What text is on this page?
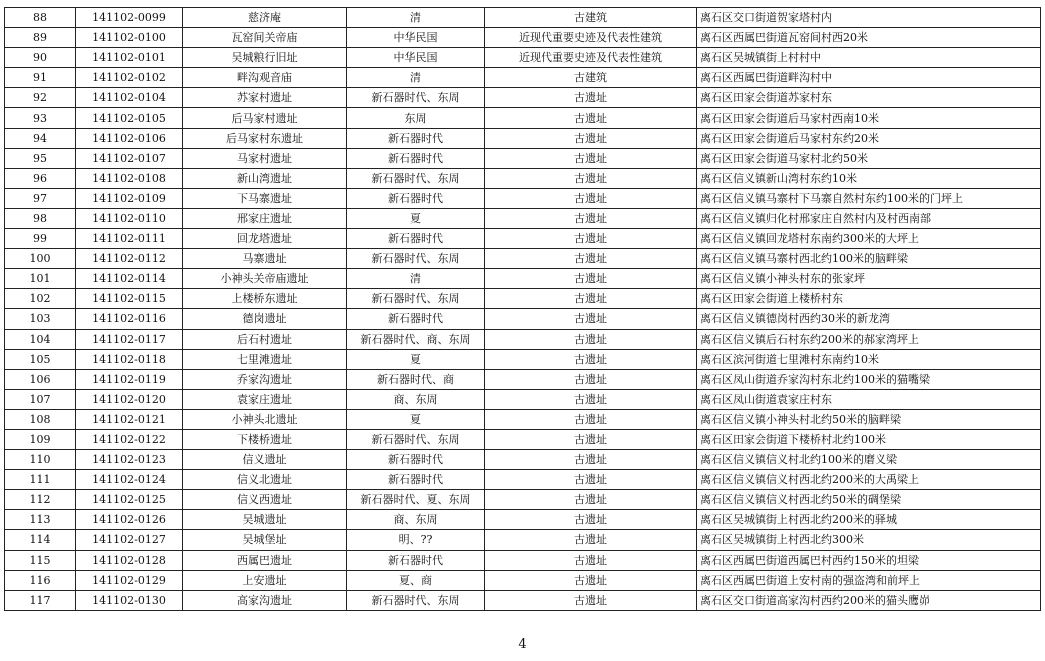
88	141102-0099	慈济庵	清	古建筑	离石区交口街道贺家塔村内
89	141102-0100	瓦窑间关帝庙	中华民国	近现代重要史迹及代表性建筑	离石区西属巴街道瓦窑间村西20米
90	141102-0101	吴城粮行旧址	中华民国	近现代重要史迹及代表性建筑	离石区吴城镇街上村村中
91	141102-0102	畔沟观音庙	清	古建筑	离石区西属巴街道畔沟村中
92	141102-0104	苏家村遗址	新石器时代、东周	古遗址	离石区田家会街道苏家村东
93	141102-0105	后马家村遗址	东周	古遗址	离石区田家会街道后马家村西南10米
94	141102-0106	后马家村东遗址	新石器时代	古遗址	离石区田家会街道后马家村东约20米
95	141102-0107	马家村遗址	新石器时代	古遗址	离石区田家会街道马家村北约50米
96	141102-0108	新山湾遗址	新石器时代、东周	古遗址	离石区信义镇新山湾村东约10米
97	141102-0109	下马寨遗址	新石器时代	古遗址	离石区信义镇马寨村下马寨自然村东约100米的门坪上
98	141102-0110	邢家庄遗址	夏	古遗址	离石区信义镇归化村邢家庄自然村内及村西南部
99	141102-0111	回龙塔遗址	新石器时代	古遗址	离石区信义镇回龙塔村东南约300米的大坪上
100	141102-0112	马寨遗址	新石器时代、东周	古遗址	离石区信义镇马寨村西北约100米的脑畔梁
101	141102-0114	小神头关帝庙遗址	清	古遗址	离石区信义镇小神头村东的张家坪
102	141102-0115	上楼桥东遗址	新石器时代、东周	古遗址	离石区田家会街道上楼桥村东
103	141102-0116	德岗遗址	新石器时代	古遗址	离石区信义镇德岗村西约30米的新龙湾
104	141102-0117	后石村遗址	新石器时代、商、东周	古遗址	离石区信义镇后石村东约200米的郝家湾坪上
105	141102-0118	七里滩遗址	夏	古遗址	离石区滨河街道七里滩村东南约10米
106	141102-0119	乔家沟遗址	新石器时代、商	古遗址	离石区凤山街道乔家沟村东北约100米的猫嘴梁
107	141102-0120	袁家庄遗址	商、东周	古遗址	离石区凤山街道袁家庄村东
108	141102-0121	小神头北遗址	夏	古遗址	离石区信义镇小神头村北约50米的脑畔梁
109	141102-0122	下楼桥遗址	新石器时代、东周	古遗址	离石区田家会街道下楼桥村北约100米
110	141102-0123	信义遗址	新石器时代	古遗址	离石区信义镇信义村北约100米的磨义梁
111	141102-0124	信义北遗址	新石器时代	古遗址	离石区信义镇信义村西北约200米的大禹梁上
112	141102-0125	信义西遗址	新石器时代、夏、东周	古遗址	离石区信义镇信义村西北约50米的碉堡梁
113	141102-0126	吴城遗址	商、东周	古遗址	离石区吴城镇街上村西北约200米的驿城
114	141102-0127	吴城堡址	明、??	古遗址	离石区吴城镇街上村西北约300米
115	141102-0128	西属巴遗址	新石器时代	古遗址	离石区西属巴街道西属巴村西约150米的坦梁
116	141102-0129	上安遗址	夏、商	古遗址	离石区西属巴街道上安村南的强盗湾和前坪上
117	141102-0130	高家沟遗址	新石器时代、东周	古遗址	离石区交口街道高家沟村西约200米的猫头鹰峁
4
